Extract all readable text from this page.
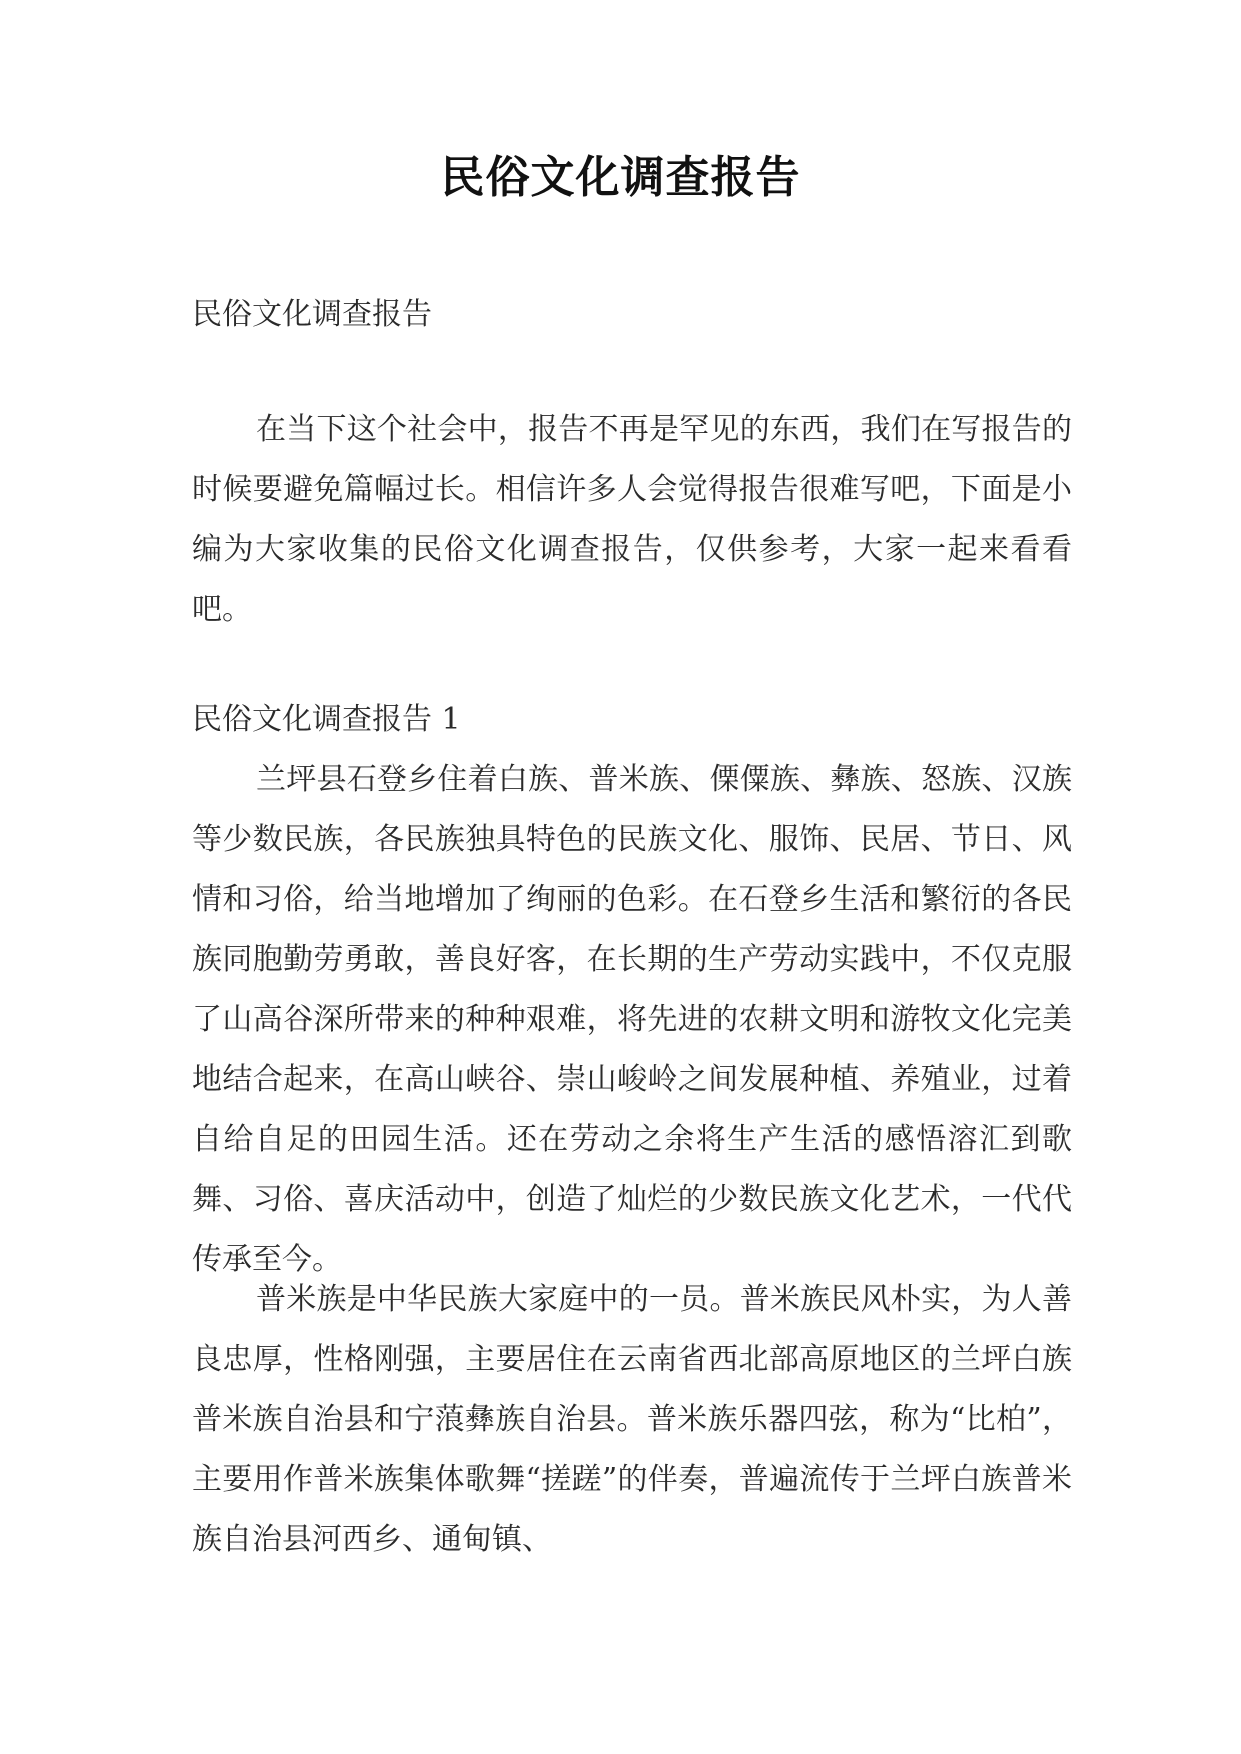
民俗文化调查报告

民俗文化调查报告

在当下这个社会中，报告不再是罕见的东西，我们在写报告的时候要避免篇幅过长。相信许多人会觉得报告很难写吧，下面是小编为大家收集的民俗文化调查报告，仅供参考，大家一起来看看吧。

民俗文化调查报告 1

兰坪县石登乡住着白族、普米族、傈僳族、彝族、怒族、汉族等少数民族，各民族独具特色的民族文化、服饰、民居、节日、风情和习俗，给当地增加了绚丽的色彩。在石登乡生活和繁衍的各民族同胞勤劳勇敢，善良好客，在长期的生产劳动实践中，不仅克服了山高谷深所带来的种种艰难，将先进的农耕文明和游牧文化完美地结合起来，在高山峡谷、崇山峻岭之间发展种植、养殖业，过着自给自足的田园生活。还在劳动之余将生产生活的感悟溶汇到歌舞、习俗、喜庆活动中，创造了灿烂的少数民族文化艺术，一代代传承至今。

普米族是中华民族大家庭中的一员。普米族民风朴实，为人善良忠厚，性格刚强，主要居住在云南省西北部高原地区的兰坪白族普米族自治县和宁蒗彝族自治县。普米族乐器四弦，称为“比柏”，主要用作普米族集体歌舞“搓蹉”的伴奏，普遍流传于兰坪白族普米族自治县河西乡、通甸镇、
